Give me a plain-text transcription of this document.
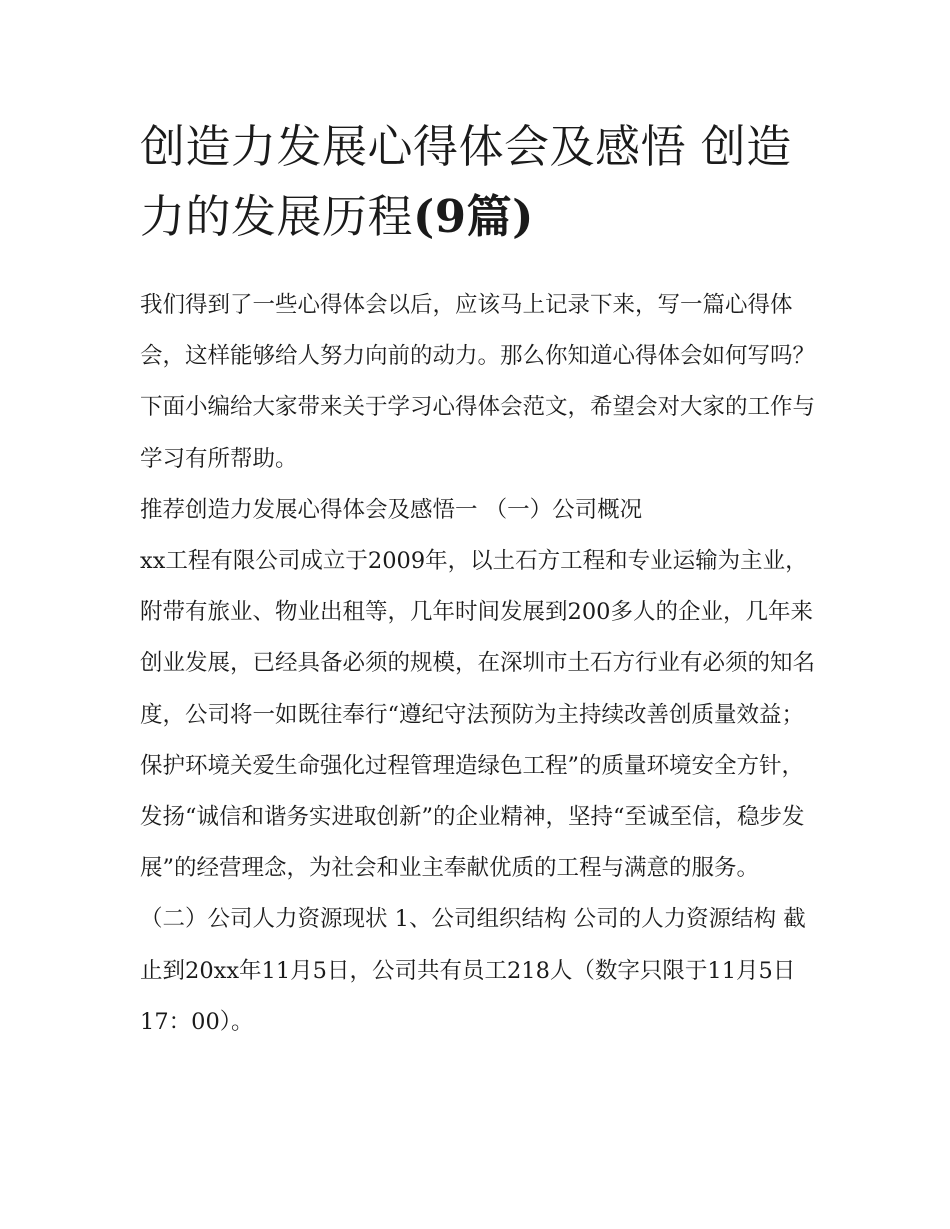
创造力发展心得体会及感悟 创造力的发展历程(9篇)

我们得到了一些心得体会以后，应该马上记录下来，写一篇心得体会，这样能够给人努力向前的动力。那么你知道心得体会如何写吗？下面小编给大家带来关于学习心得体会范文，希望会对大家的工作与学习有所帮助。

推荐创造力发展心得体会及感悟一 （一）公司概况

xx工程有限公司成立于2009年，以土石方工程和专业运输为主业，附带有旅业、物业出租等，几年时间发展到200多人的企业，几年来创业发展，已经具备必须的规模，在深圳市土石方行业有必须的知名度，公司将一如既往奉行“遵纪守法预防为主持续改善创质量效益；保护环境关爱生命强化过程管理造绿色工程”的质量环境安全方针，发扬“诚信和谐务实进取创新”的企业精神，坚持“至诚至信，稳步发展”的经营理念，为社会和业主奉献优质的工程与满意的服务。

（二）公司人力资源现状 1、公司组织结构 公司的人力资源结构 截止到20xx年11月5日，公司共有员工218人（数字只限于11月5日17：00）。
